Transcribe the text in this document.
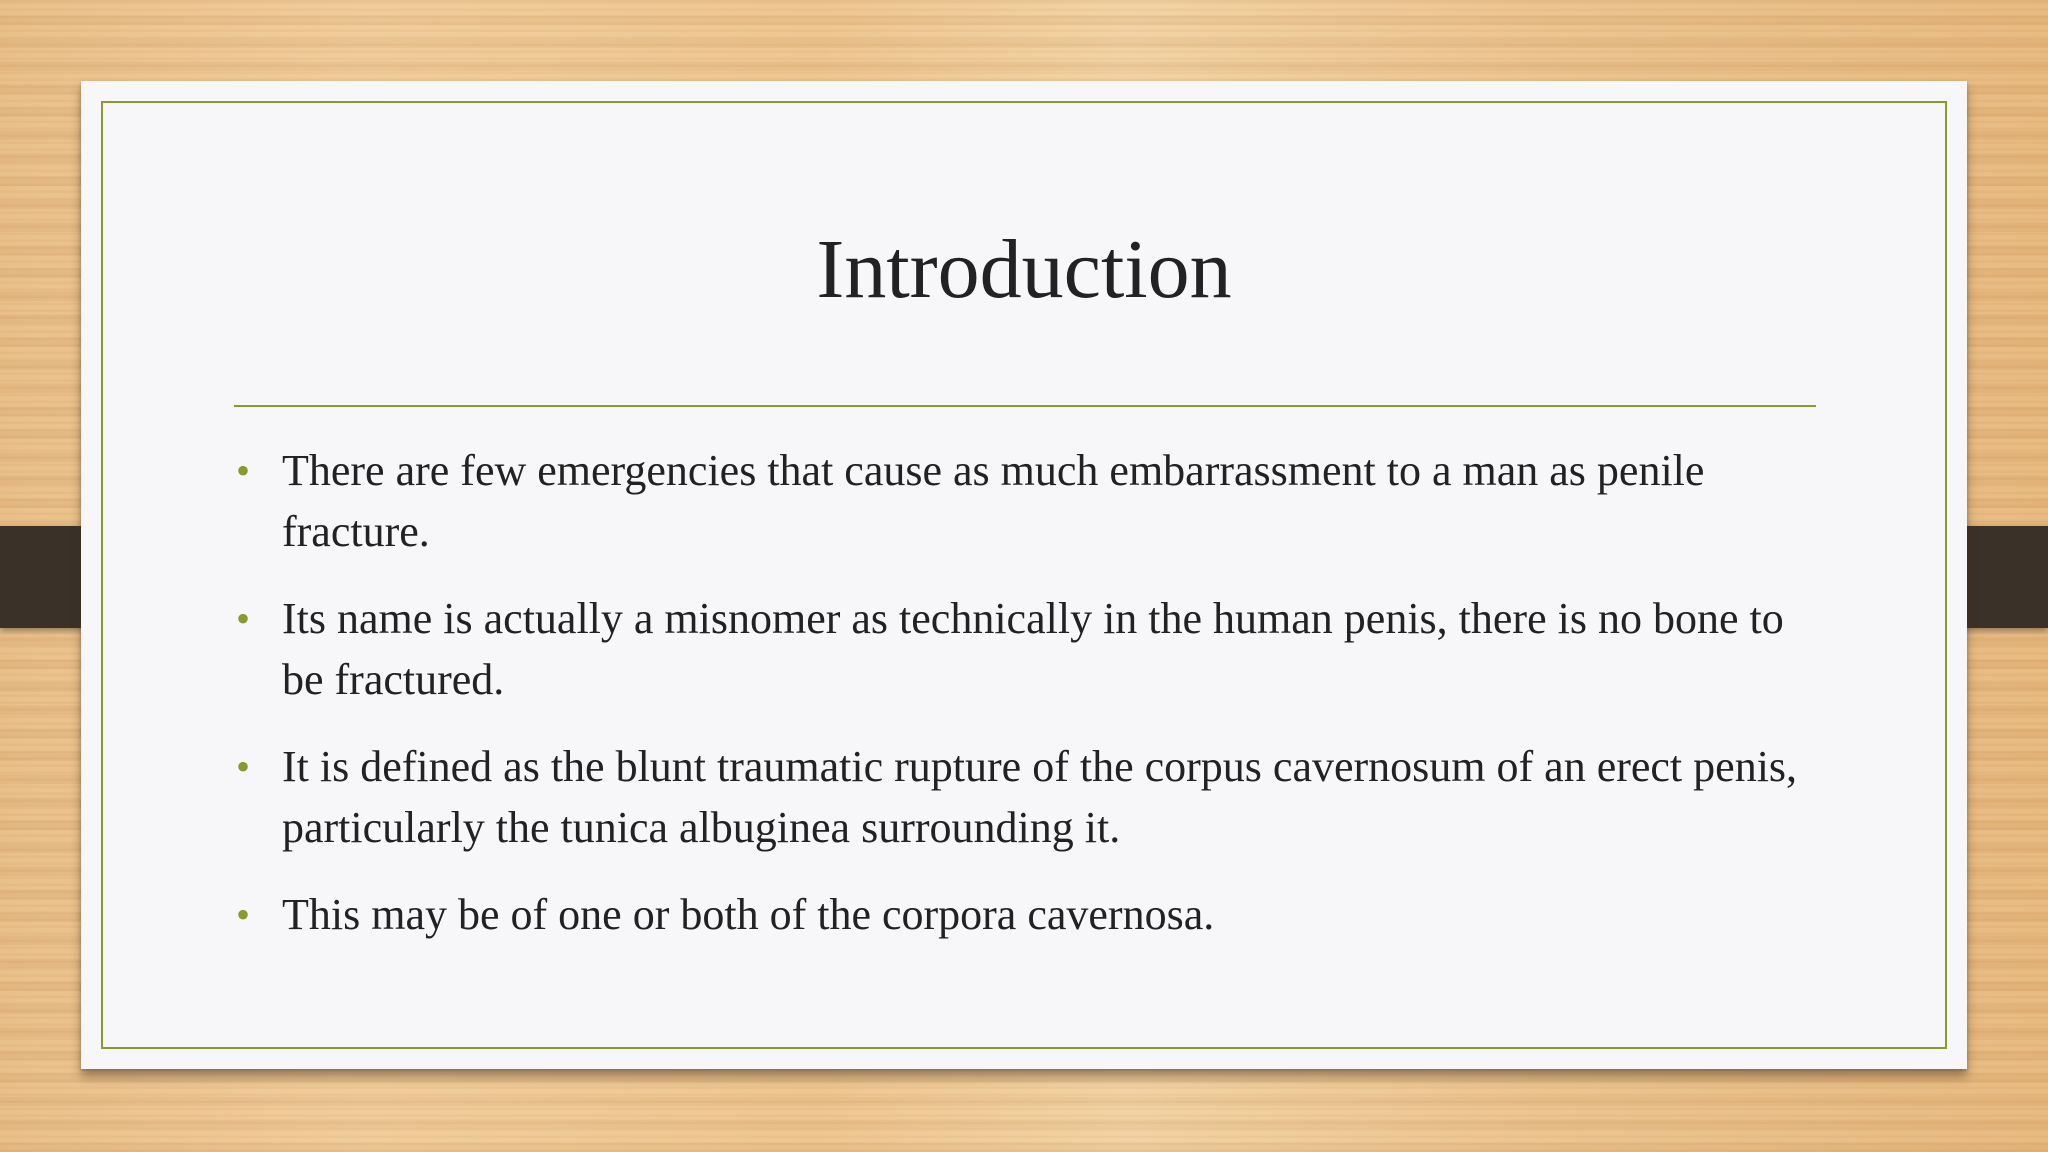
Introduction
• There are few emergencies that cause as much embarrassment to a man as penile fracture.
• Its name is actually a misnomer as technically in the human penis, there is no bone to be fractured.
• It is defined as the blunt traumatic rupture of the corpus cavernosum of an erect penis, particularly the tunica albuginea surrounding it.
• This may be of one or both of the corpora cavernosa.
